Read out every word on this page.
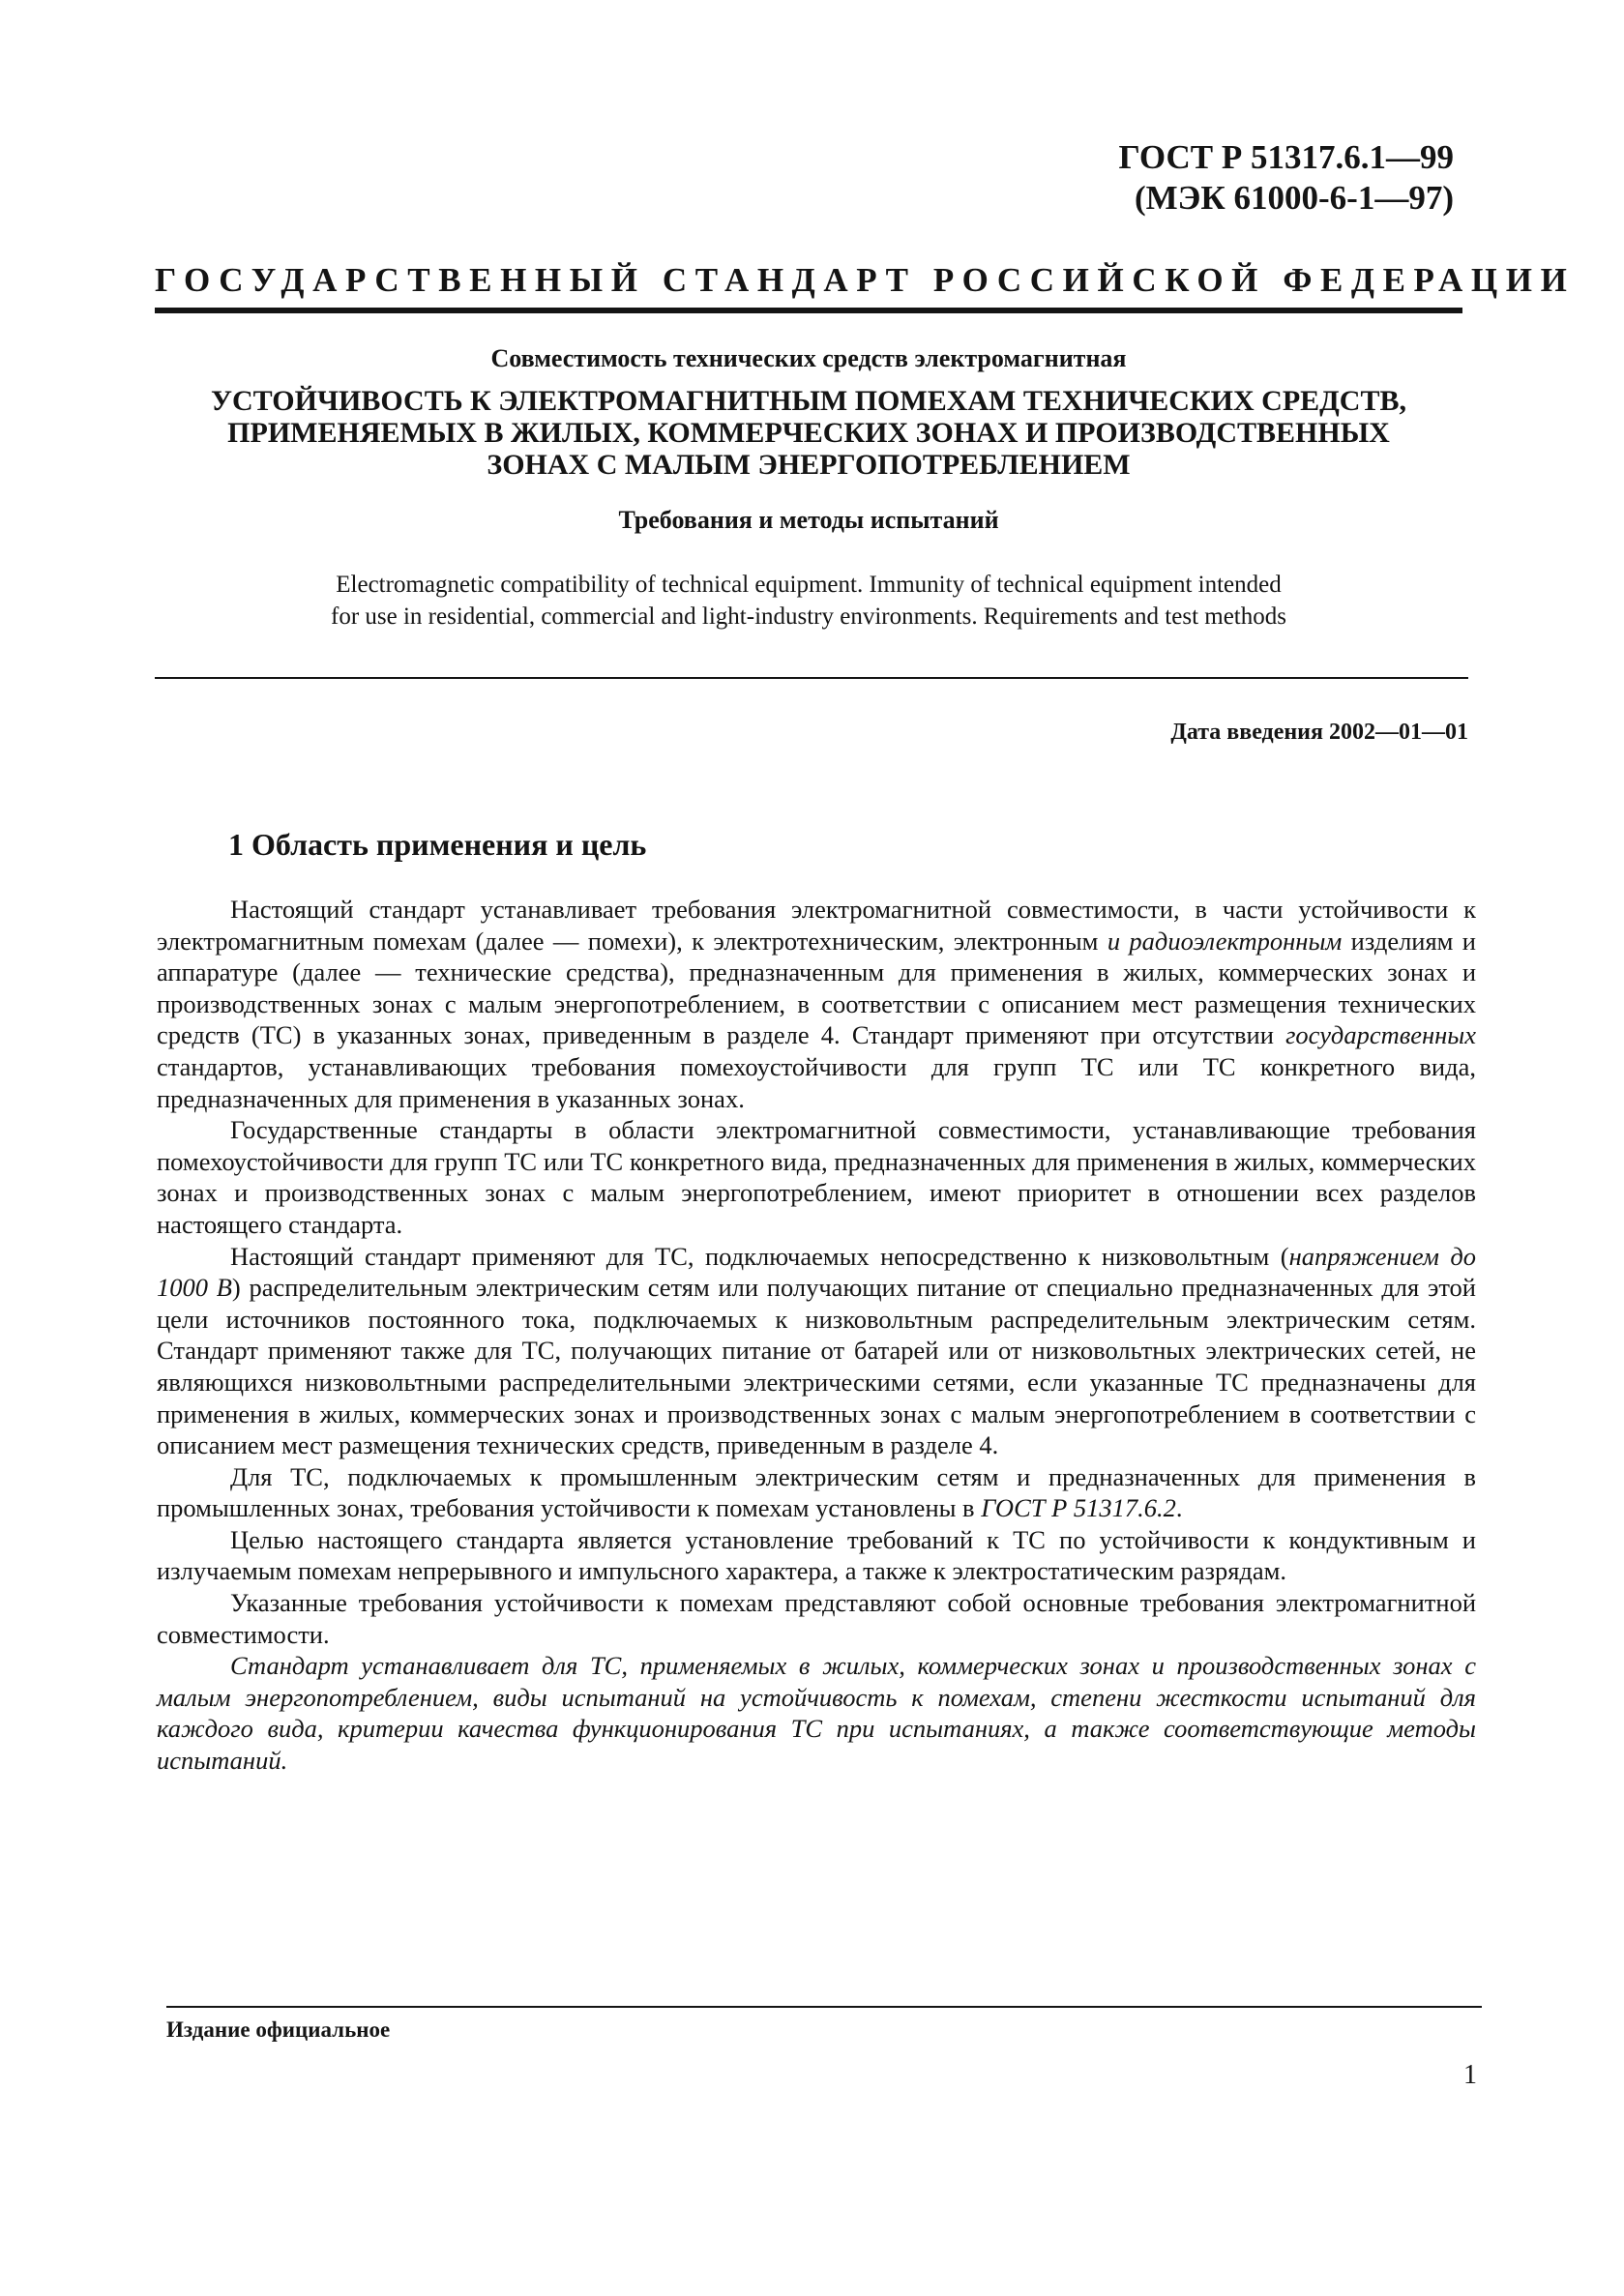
ГОСТ Р 51317.6.1—99
(МЭК 61000-6-1—97)
ГОСУДАРСТВЕННЫЙ СТАНДАРТ РОССИЙСКОЙ ФЕДЕРАЦИИ
Совместимость технических средств электромагнитная
УСТОЙЧИВОСТЬ К ЭЛЕКТРОМАГНИТНЫМ ПОМЕХАМ ТЕХНИЧЕСКИХ СРЕДСТВ,
ПРИМЕНЯЕМЫХ В ЖИЛЫХ, КОММЕРЧЕСКИХ ЗОНАХ И ПРОИЗВОДСТВЕННЫХ
ЗОНАХ С МАЛЫМ ЭНЕРГОПОТРЕБЛЕНИЕМ
Требования и методы испытаний
Electromagnetic compatibility of technical equipment. Immunity of technical equipment intended
for use in residential, commercial and light-industry environments. Requirements and test methods
Дата введения 2002—01—01
1 Область применения и цель

Настоящий стандарт устанавливает требования электромагнитной совместимости, в части устойчивости к электромагнитным помехам (далее — помехи), к электротехническим, электронным и радиоэлектронным изделиям и аппаратуре (далее — технические средства), предназначенным для применения в жилых, коммерческих зонах и производственных зонах с малым энергопотреблением, в соответствии с описанием мест размещения технических средств (ТС) в указанных зонах, приведенным в разделе 4. Стандарт применяют при отсутствии государственных стандартов, устанавливающих требования помехоустойчивости для групп ТС или ТС конкретного вида, предназначенных для применения в указанных зонах.

Государственные стандарты в области электромагнитной совместимости, устанавливающие требования помехоустойчивости для групп ТС или ТС конкретного вида, предназначенных для применения в жилых, коммерческих зонах и производственных зонах с малым энергопотреблением, имеют приоритет в отношении всех разделов настоящего стандарта.

Настоящий стандарт применяют для ТС, подключаемых непосредственно к низковольтным (напряжением до 1000 В) распределительным электрическим сетям или получающих питание от специально предназначенных для этой цели источников постоянного тока, подключаемых к низковольтным распределительным электрическим сетям. Стандарт применяют также для ТС, получающих питание от батарей или от низковольтных электрических сетей, не являющихся низковольтными распределительными электрическими сетями, если указанные ТС предназначены для применения в жилых, коммерческих зонах и производственных зонах с малым энергопотреблением в соответствии с описанием мест размещения технических средств, приведенным в разделе 4.

Для ТС, подключаемых к промышленным электрическим сетям и предназначенных для применения в промышленных зонах, требования устойчивости к помехам установлены в ГОСТ Р 51317.6.2.

Целью настоящего стандарта является установление требований к ТС по устойчивости к кондуктивным и излучаемым помехам непрерывного и импульсного характера, а также к электростатическим разрядам.

Указанные требования устойчивости к помехам представляют собой основные требования электромагнитной совместимости.

Стандарт устанавливает для ТС, применяемых в жилых, коммерческих зонах и производственных зонах с малым энергопотреблением, виды испытаний на устойчивость к помехам, степени жесткости испытаний для каждого вида, критерии качества функционирования ТС при испытаниях, а также соответствующие методы испытаний.

Издание официальное
1
